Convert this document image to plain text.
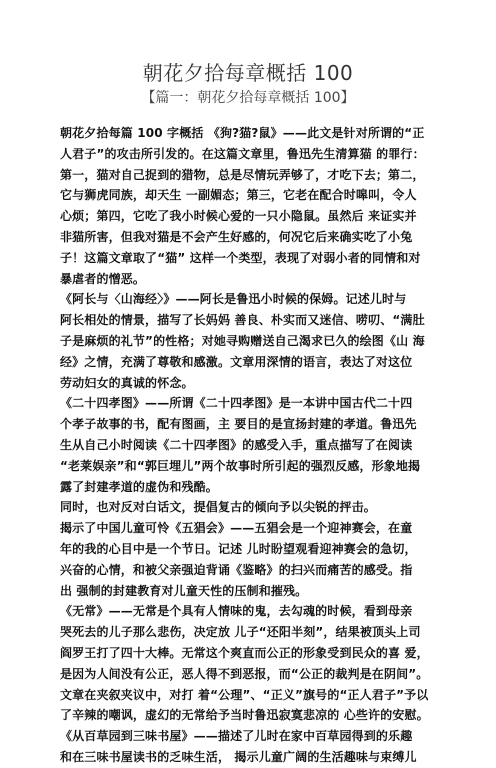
朝花夕拾每章概括 100
【篇一：朝花夕拾每章概括 100】
朝花夕拾每篇 100 字概括 《狗?猫?鼠》——此文是针对所谓的“正
人君子”的攻击所引发的。在这篇文章里，鲁迅先生清算猫 的罪行：
第一，猫对自己捉到的猎物，总是尽情玩弄够了，才吃下去；第二，
它与狮虎同族，却天生 一副媚态；第三，它老在配合时嗥叫，令人
心烦；第四，它吃了我小时候心爱的一只小隐鼠。虽然后 来证实并
非猫所害，但我对猫是不会产生好感的，何况它后来确实吃了小兔
子！这篇文章取了“猫” 这样一个类型，表现了对弱小者的同情和对
暴虐者的憎恶。
《阿长与〈山海经〉》——阿长是鲁迅小时候的保姆。记述儿时与
阿长相处的情景，描写了长妈妈 善良、朴实而又迷信、唠叨、“满肚
子是麻烦的礼节”的性格；对她寻购赠送自己渴求已久的绘图《山 海
经》之情，充满了尊敬和感激。文章用深情的语言，表达了对这位
劳动妇女的真诚的怀念。
《二十四孝图》——所谓《二十四孝图》是一本讲中国古代二十四
个孝子故事的书，配有图画，主 要目的是宣扬封建的孝道。鲁迅先
生从自己小时阅读《二十四孝图》的感受入手，重点描写了在阅读
“老莱娱亲”和“郭巨埋儿”两个故事时所引起的强烈反感，形象地揭
露了封建孝道的虚伪和残酷。
同时，也对反对白话文，提倡复古的倾向予以尖锐的抨击。
揭示了中国儿童可怜《五猖会》——五猖会是一个迎神赛会，在童
年的我的心目中是一个节日。记述 儿时盼望观看迎神赛会的急切，
兴奋的心情，和被父亲强迫背诵《鉴略》的扫兴而痛苦的感受。指
出 强制的封建教育对儿童天性的压制和摧残。
《无常》——无常是个具有人情味的鬼，去勾魂的时候，看到母亲
哭死去的儿子那么悲伤，决定放 儿子“还阳半刻”，结果被顶头上司
阎罗王打了四十大棒。无常这个爽直而公正的形象受到民众的喜 爱，
是因为人间没有公正，恶人得不到恶报，而“公正的裁判是在阴间”。
文章在夹叙夹议中，对打 着“公理”、“正义”旗号的“正人君子”予以
了辛辣的嘲讽，虚幻的无常给予当时鲁迅寂寞悲凉的 心些许的安慰。
《从百草园到三味书屋》——描述了儿时在家中百草园得到的乐趣
和在三味书屋读书的乏味生活， 揭示儿童广阔的生活趣味与束缚儿
